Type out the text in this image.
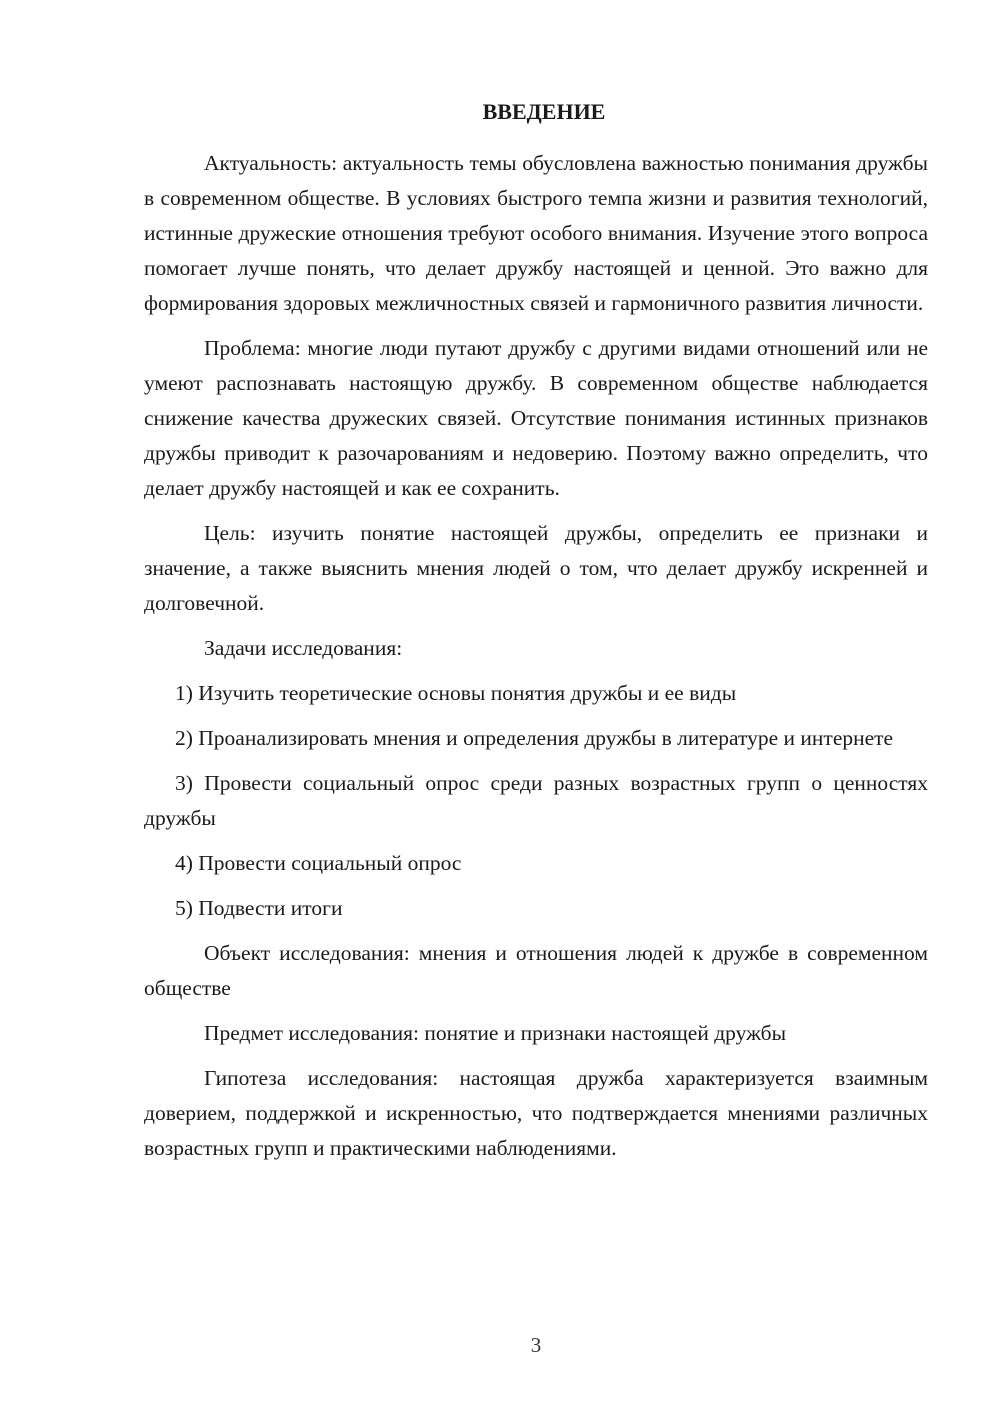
ВВЕДЕНИЕ

Актуальность: актуальность темы обусловлена важностью понимания дружбы в современном обществе. В условиях быстрого темпа жизни и развития технологий, истинные дружеские отношения требуют особого внимания. Изучение этого вопроса помогает лучше понять, что делает дружбу настоящей и ценной. Это важно для формирования здоровых межличностных связей и гармоничного развития личности.

Проблема: многие люди путают дружбу с другими видами отношений или не умеют распознавать настоящую дружбу. В современном обществе наблюдается снижение качества дружеских связей. Отсутствие понимания истинных признаков дружбы приводит к разочарованиям и недоверию. Поэтому важно определить, что делает дружбу настоящей и как ее сохранить.

Цель: изучить понятие настоящей дружбы, определить ее признаки и значение, а также выяснить мнения людей о том, что делает дружбу искренней и долговечной.

Задачи исследования:

1) Изучить теоретические основы понятия дружбы и ее виды

2) Проанализировать мнения и определения дружбы в литературе и интернете

3) Провести социальный опрос среди разных возрастных групп о ценностях дружбы

4) Провести социальный опрос

5) Подвести итоги

Объект исследования: мнения и отношения людей к дружбе в современном обществе

Предмет исследования: понятие и признаки настоящей дружбы

Гипотеза исследования: настоящая дружба характеризуется взаимным доверием, поддержкой и искренностью, что подтверждается мнениями различных возрастных групп и практическими наблюдениями.

3
